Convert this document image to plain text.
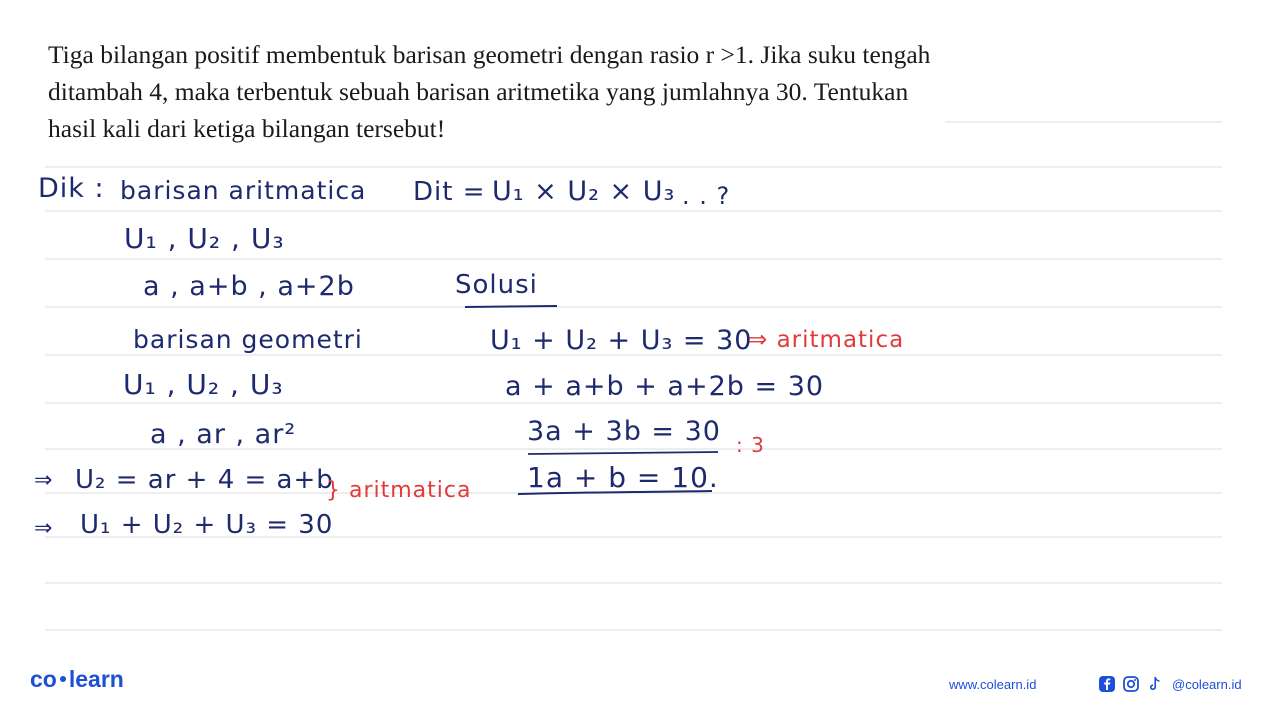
Tiga bilangan positif membentuk barisan geometri dengan rasio r >1. Jika suku tengah ditambah 4, maka terbentuk sebuah barisan aritmetika yang jumlahnya 30. Tentukan hasil kali dari ketiga bilangan tersebut!

Dik : barisan aritmatica Dit = U₁ × U₂ × U₃ . . ?
U₁ , U₂ , U₃
a , a+b , a+2b	Solusi
barisan geometri	U₁ + U₂ + U₃ = 30
⇒ aritmatica
U₁ , U₂ , U₃	a + a+b + a+2b = 30
a , ar , ar²	3a + 3b = 30 : 3
⇒ U₂ = ar + 4 = a+b
} aritmatica 1a + b = 10.
⇒ U₁ + U₂ + U₃ = 30
co learn	www.colearn.id	@colearn.id
